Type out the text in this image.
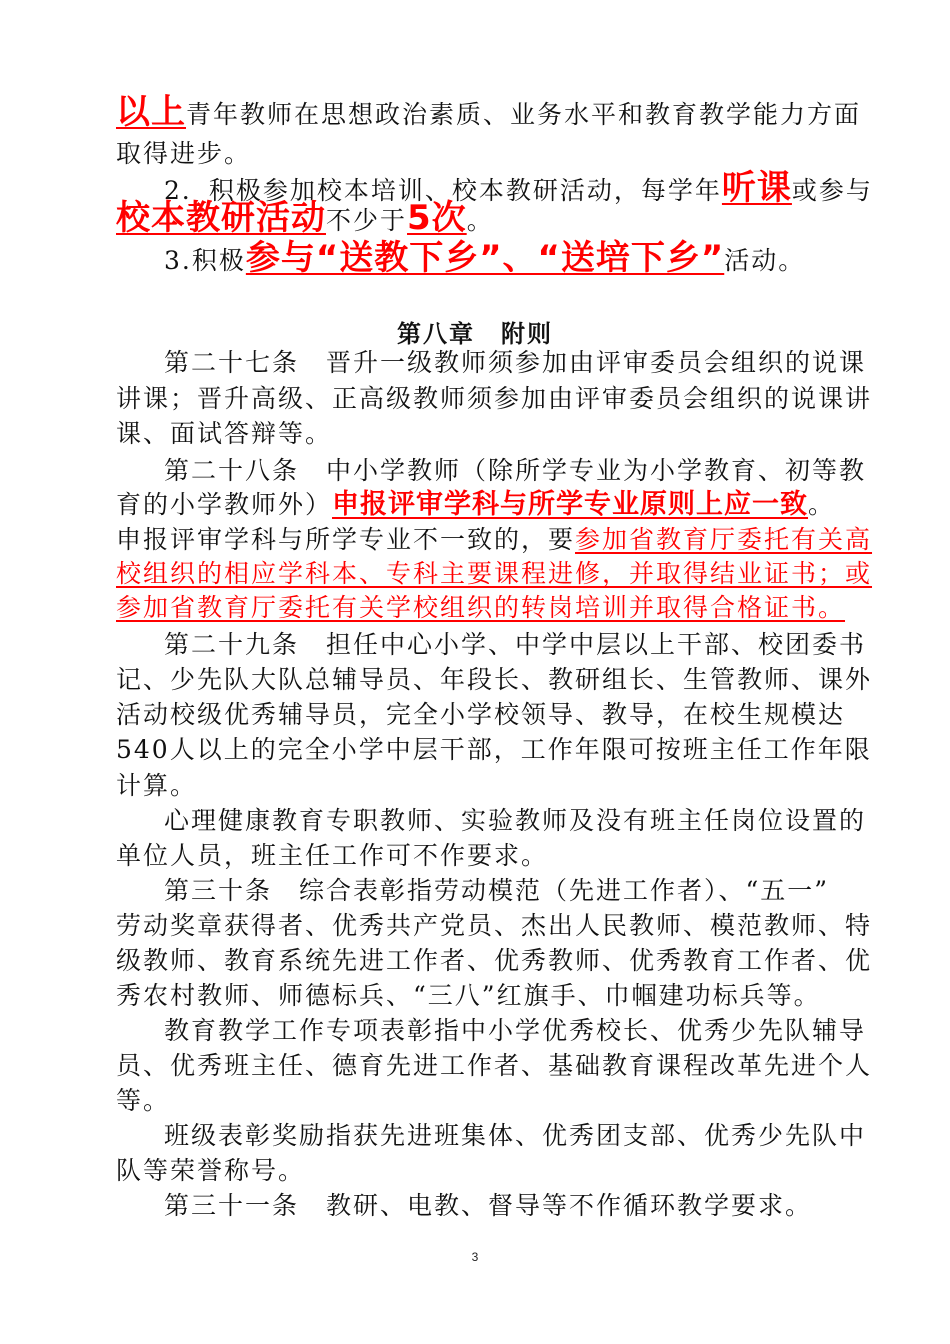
以上青年教师在思想政治素质、业务水平和教育教学能力方面
取得进步。
2．积极参加校本培训、校本教研活动，每学年听课或参与
校本教研活动不少于5次。
3.积极参与“送教下乡”、“送培下乡”活动。
第八章　附则
第二十七条　晋升一级教师须参加由评审委员会组织的说课
讲课；晋升高级、正高级教师须参加由评审委员会组织的说课讲
课、面试答辩等。
第二十八条　中小学教师（除所学专业为小学教育、初等教
育的小学教师外）申报评审学科与所学专业原则上应一致。
申报评审学科与所学专业不一致的，要参加省教育厅委托有关高
校组织的相应学科本、专科主要课程进修，并取得结业证书；或
参加省教育厅委托有关学校组织的转岗培训并取得合格证书。
第二十九条　担任中心小学、中学中层以上干部、校团委书
记、少先队大队总辅导员、年段长、教研组长、生管教师、课外
活动校级优秀辅导员，完全小学校领导、教导，在校生规模达
540人以上的完全小学中层干部，工作年限可按班主任工作年限
计算。
心理健康教育专职教师、实验教师及没有班主任岗位设置的
单位人员，班主任工作可不作要求。
第三十条　综合表彰指劳动模范（先进工作者）、“五一”
劳动奖章获得者、优秀共产党员、杰出人民教师、模范教师、特
级教师、教育系统先进工作者、优秀教师、优秀教育工作者、优
秀农村教师、师德标兵、“三八”红旗手、巾帼建功标兵等。
教育教学工作专项表彰指中小学优秀校长、优秀少先队辅导
员、优秀班主任、德育先进工作者、基础教育课程改革先进个人
等。
班级表彰奖励指获先进班集体、优秀团支部、优秀少先队中
队等荣誉称号。
第三十一条　教研、电教、督导等不作循环教学要求。
3
